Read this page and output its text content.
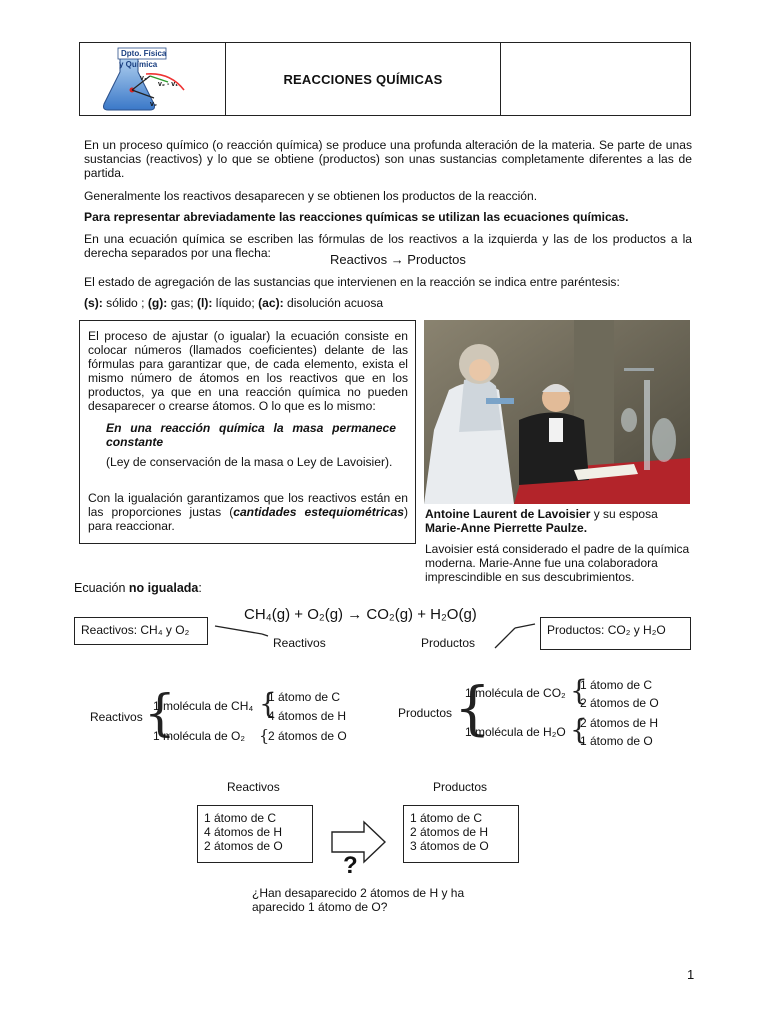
Dpto. Física
y Química
v₁
v₂ - v₁
v₂
REACCIONES QUÍMICAS
En un proceso químico (o reacción química) se produce una profunda alteración de la materia. Se parte de unas sustancias (reactivos) y lo que se obtiene (productos) son unas sustancias completamente diferentes a las de partida.
Generalmente los reactivos desaparecen y se obtienen los productos de la reacción.
Para representar abreviadamente las reacciones químicas se utilizan las ecuaciones químicas.
En una ecuación química se escriben las fórmulas de los reactivos a la izquierda y las de los productos a la derecha separados por una flecha:	Reactivos → Productos
El estado de agregación de las sustancias que intervienen en la reacción se indica entre paréntesis:
(s): sólido ; (g): gas; (l): líquido; (ac): disolución acuosa
El proceso de ajustar (o igualar) la ecuación consiste en colocar números (llamados coeficientes) delante de las fórmulas para garantizar que, de cada elemento, exista el mismo número de átomos en los reactivos que en los productos, ya que en una reacción química no pueden desaparecer o crearse átomos. O lo que es lo mismo:
En una reacción química la masa permanece constante
(Ley de conservación de la masa o Ley de Lavoisier).
Con la igualación garantizamos que los reactivos están en las proporciones justas (cantidades estequiométricas) para reaccionar.
Antoine Laurent de Lavoisier y su esposa Marie-Anne Pierrette Paulze.
Lavoisier está considerado el padre de la química moderna. Marie-Anne fue una colaboradora imprescindible en sus descubrimientos.
Ecuación no igualada:
CH₄(g) + O₂(g) → CO₂(g) + H₂O(g)
Reactivos: CH₄ y O₂	Productos: CO₂ y H₂O
Reactivos	Productos
Reactivos {
1 molécula de CH₄ {
1 átomo de C
4 átomos de H
1 molécula de O₂ {
2 átomos de O
Productos {
1 molécula de CO₂ {
1 átomo de C
2 átomos de O
1 molécula de H₂O {
2 átomos de H
1 átomo de O
Reactivos	Productos
1 átomo de C
4 átomos de H
2 átomos de O
1 átomo de C
2 átomos de H
3 átomos de O
?
¿Han desaparecido 2 átomos de H y ha aparecido 1 átomo de O?
1
